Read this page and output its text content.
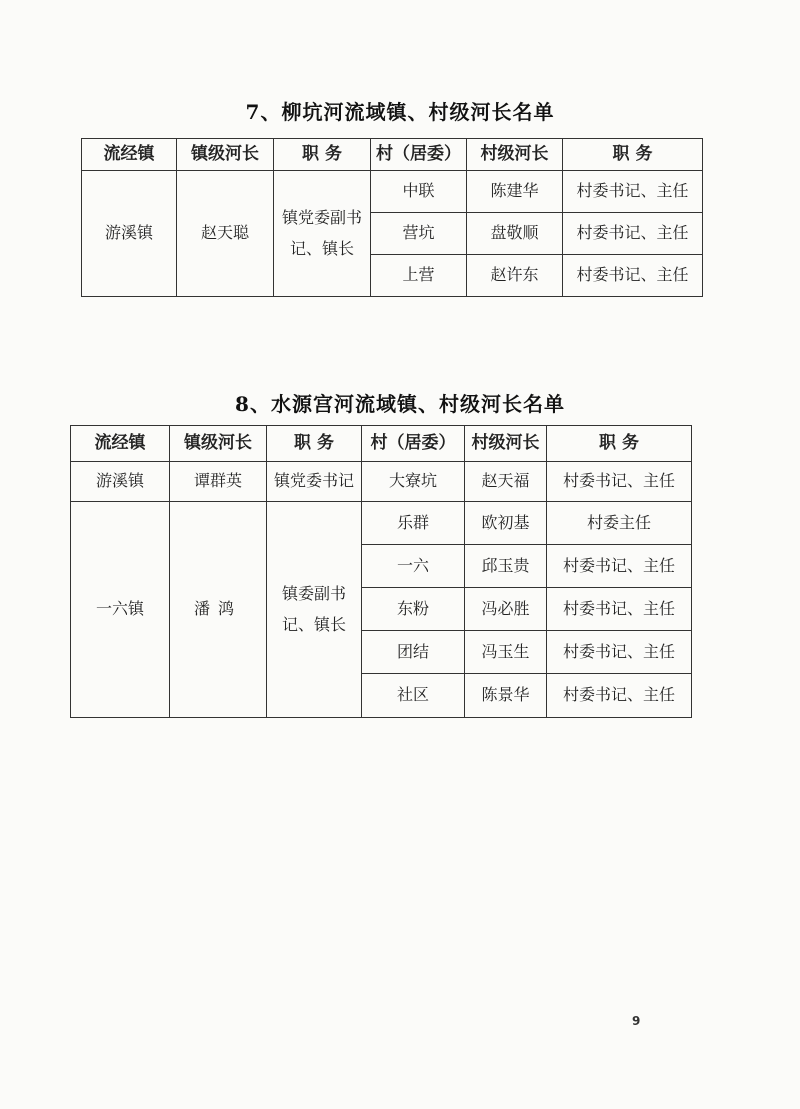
7、柳坑河流域镇、村级河长名单
流经镇	镇级河长	职 务	村（居委）	村级河长	职 务
游溪镇	赵天聪	镇党委副书记、镇长	中联	陈建华	村委书记、主任
			营坑	盘敬顺	村委书记、主任
			上营	赵许东	村委书记、主任
8、水源宫河流域镇、村级河长名单
流经镇	镇级河长	职 务	村（居委）	村级河长	职 务
游溪镇	谭群英	镇党委书记	大寮坑	赵天福	村委书记、主任
一六镇	潘鸿	镇委副书记、镇长	乐群	欧初基	村委主任
			一六	邱玉贵	村委书记、主任
			东粉	冯必胜	村委书记、主任
			团结	冯玉生	村委书记、主任
			社区	陈景华	村委书记、主任
9
